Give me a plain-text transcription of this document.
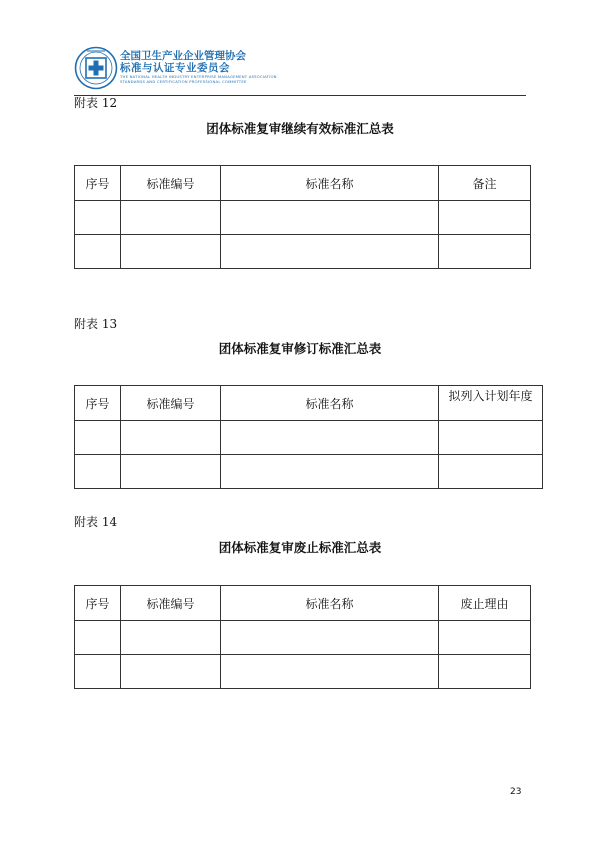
全国卫生产业企业管理协会
标准与认证专业委员会
THE NATIONAL HEALTH INDUSTRY ENTERPRISE MANAGEMENT ASSOCIATION
STANDARDS AND CERTIFICATION PROFESSIONAL COMMITTEE
附表 12
团体标准复审继续有效标准汇总表
序号	标准编号	标准名称	备注

附表 13
团体标准复审修订标准汇总表
序号	标准编号	标准名称	拟列入计划年度

附表 14
团体标准复审废止标准汇总表
序号	标准编号	标准名称	废止理由

23
